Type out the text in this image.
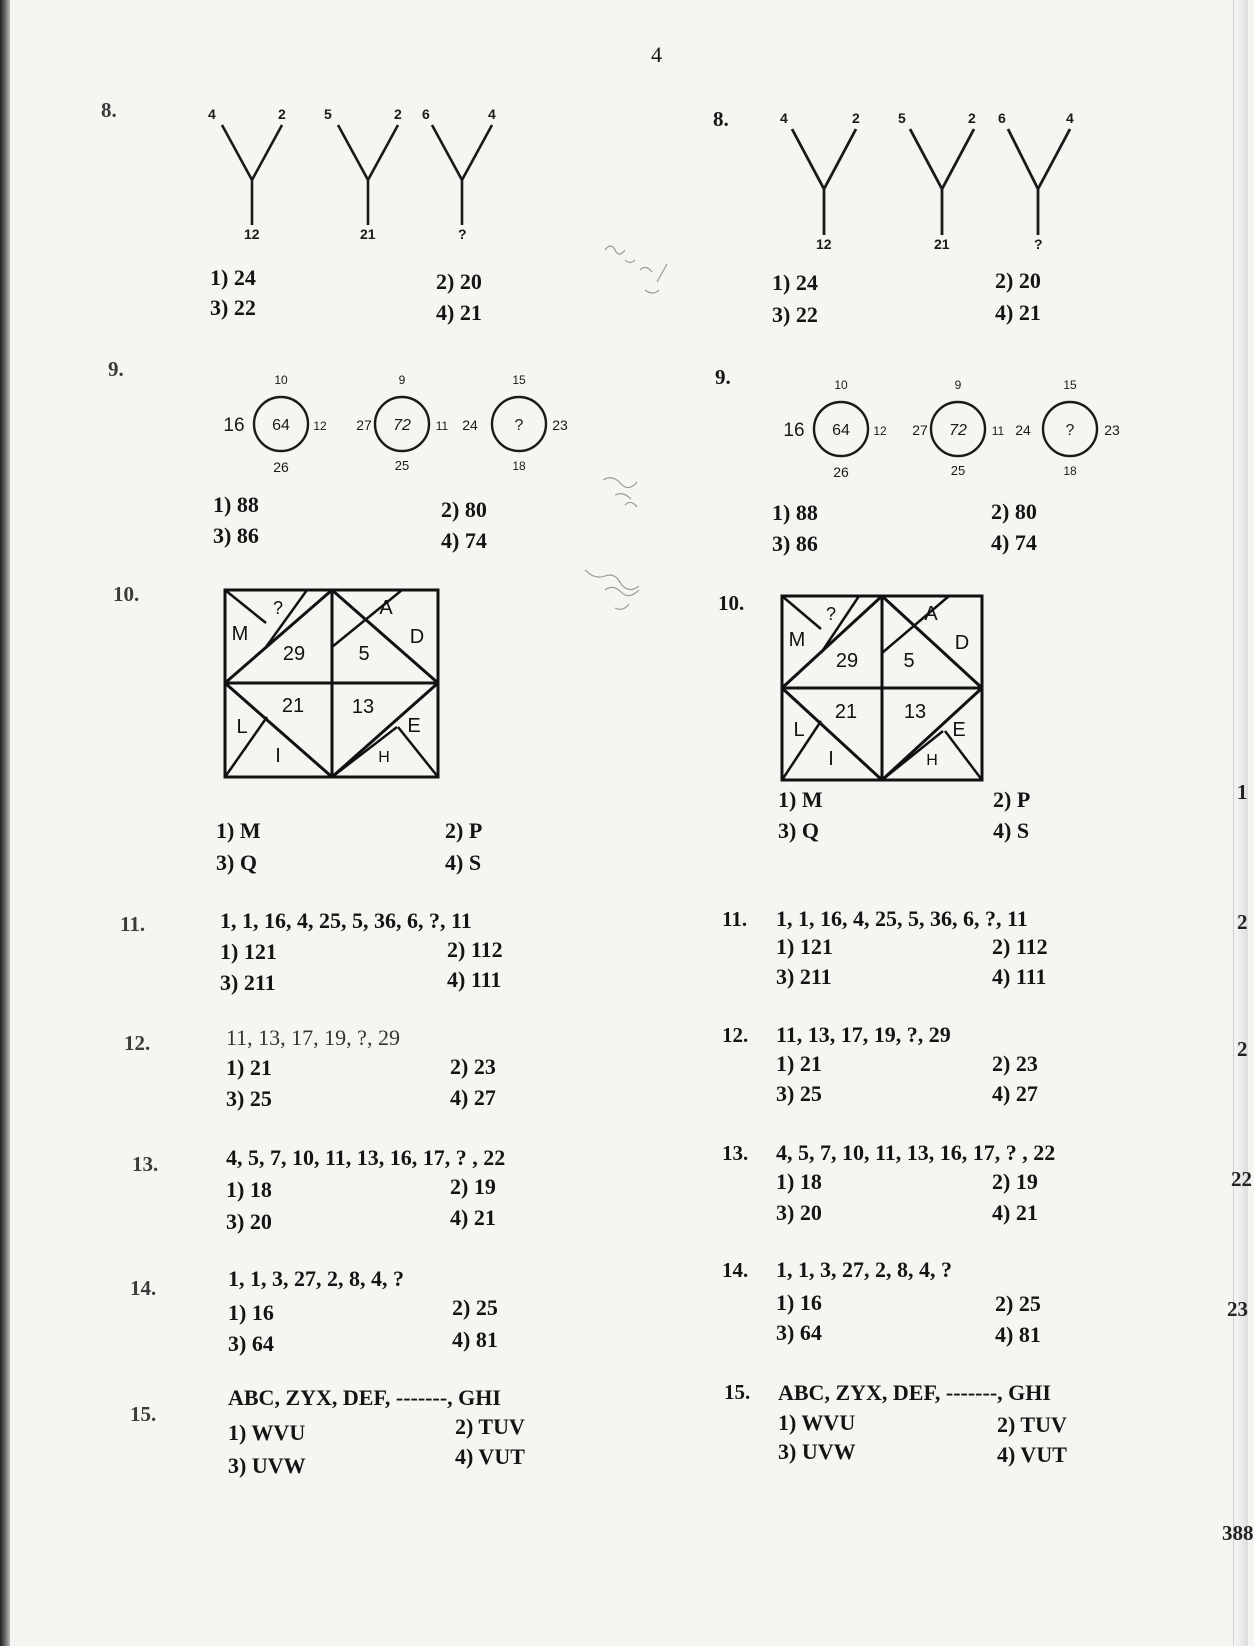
4
8.	4	2
12
5	2
21
6	4
?
1) 24	2) 20
3) 22	4) 21
9.	10
16 64 12
26
9
27 72 11
25
15
24 ? 23
18
1) 88	2) 80
3) 86	4) 74
10.
?
M
29
A
D
5
21
L
I
13
E
H
1) M	2) P
3) Q	4) S
11.	1, 1, 16, 4, 25, 5, 36, 6, ?, 11
1) 121	2) 112
3) 211	4) 111
12.	11, 13, 17, 19, ?, 29
1) 21	2) 23
3) 25	4) 27
13.	4, 5, 7, 10, 11, 13, 16, 17, ? , 22
1) 18	2) 19
3) 20	4) 21
14.	1, 1, 3, 27, 2, 8, 4, ?
1) 16	2) 25
3) 64	4) 81
15.
ABC, ZYX, DEF, -------, GHI
1) WVU	2) TUV
3) UVW	4) VUT
8.	4	2
12
5	2
21
6	4
?
1) 24	2) 20
3) 22	4) 21
9.	10
16 64 12
26
9
27 72 11
25
15
24 ? 23
18
1) 88	2) 80
3) 86	4) 74
10.	?
M
29
A
D
5
21
L
I
13
E
H
1) M	2) P
3) Q	4) S
11. 1, 1, 16, 4, 25, 5, 36, 6, ?, 11
1) 121	2) 112
3) 211	4) 111
12. 11, 13, 17, 19, ?, 29
1) 21	2) 23
3) 25	4) 27
13. 4, 5, 7, 10, 11, 13, 16, 17, ? , 22
1) 18	2) 19
3) 20	4) 21
14. 1, 1, 3, 27, 2, 8, 4, ?
1) 16	2) 25
3) 64	4) 81
15. ABC, ZYX, DEF, -------, GHI
1) WVU	2) TUV
3) UVW	4) VUT
1
2
2
22
23
388
